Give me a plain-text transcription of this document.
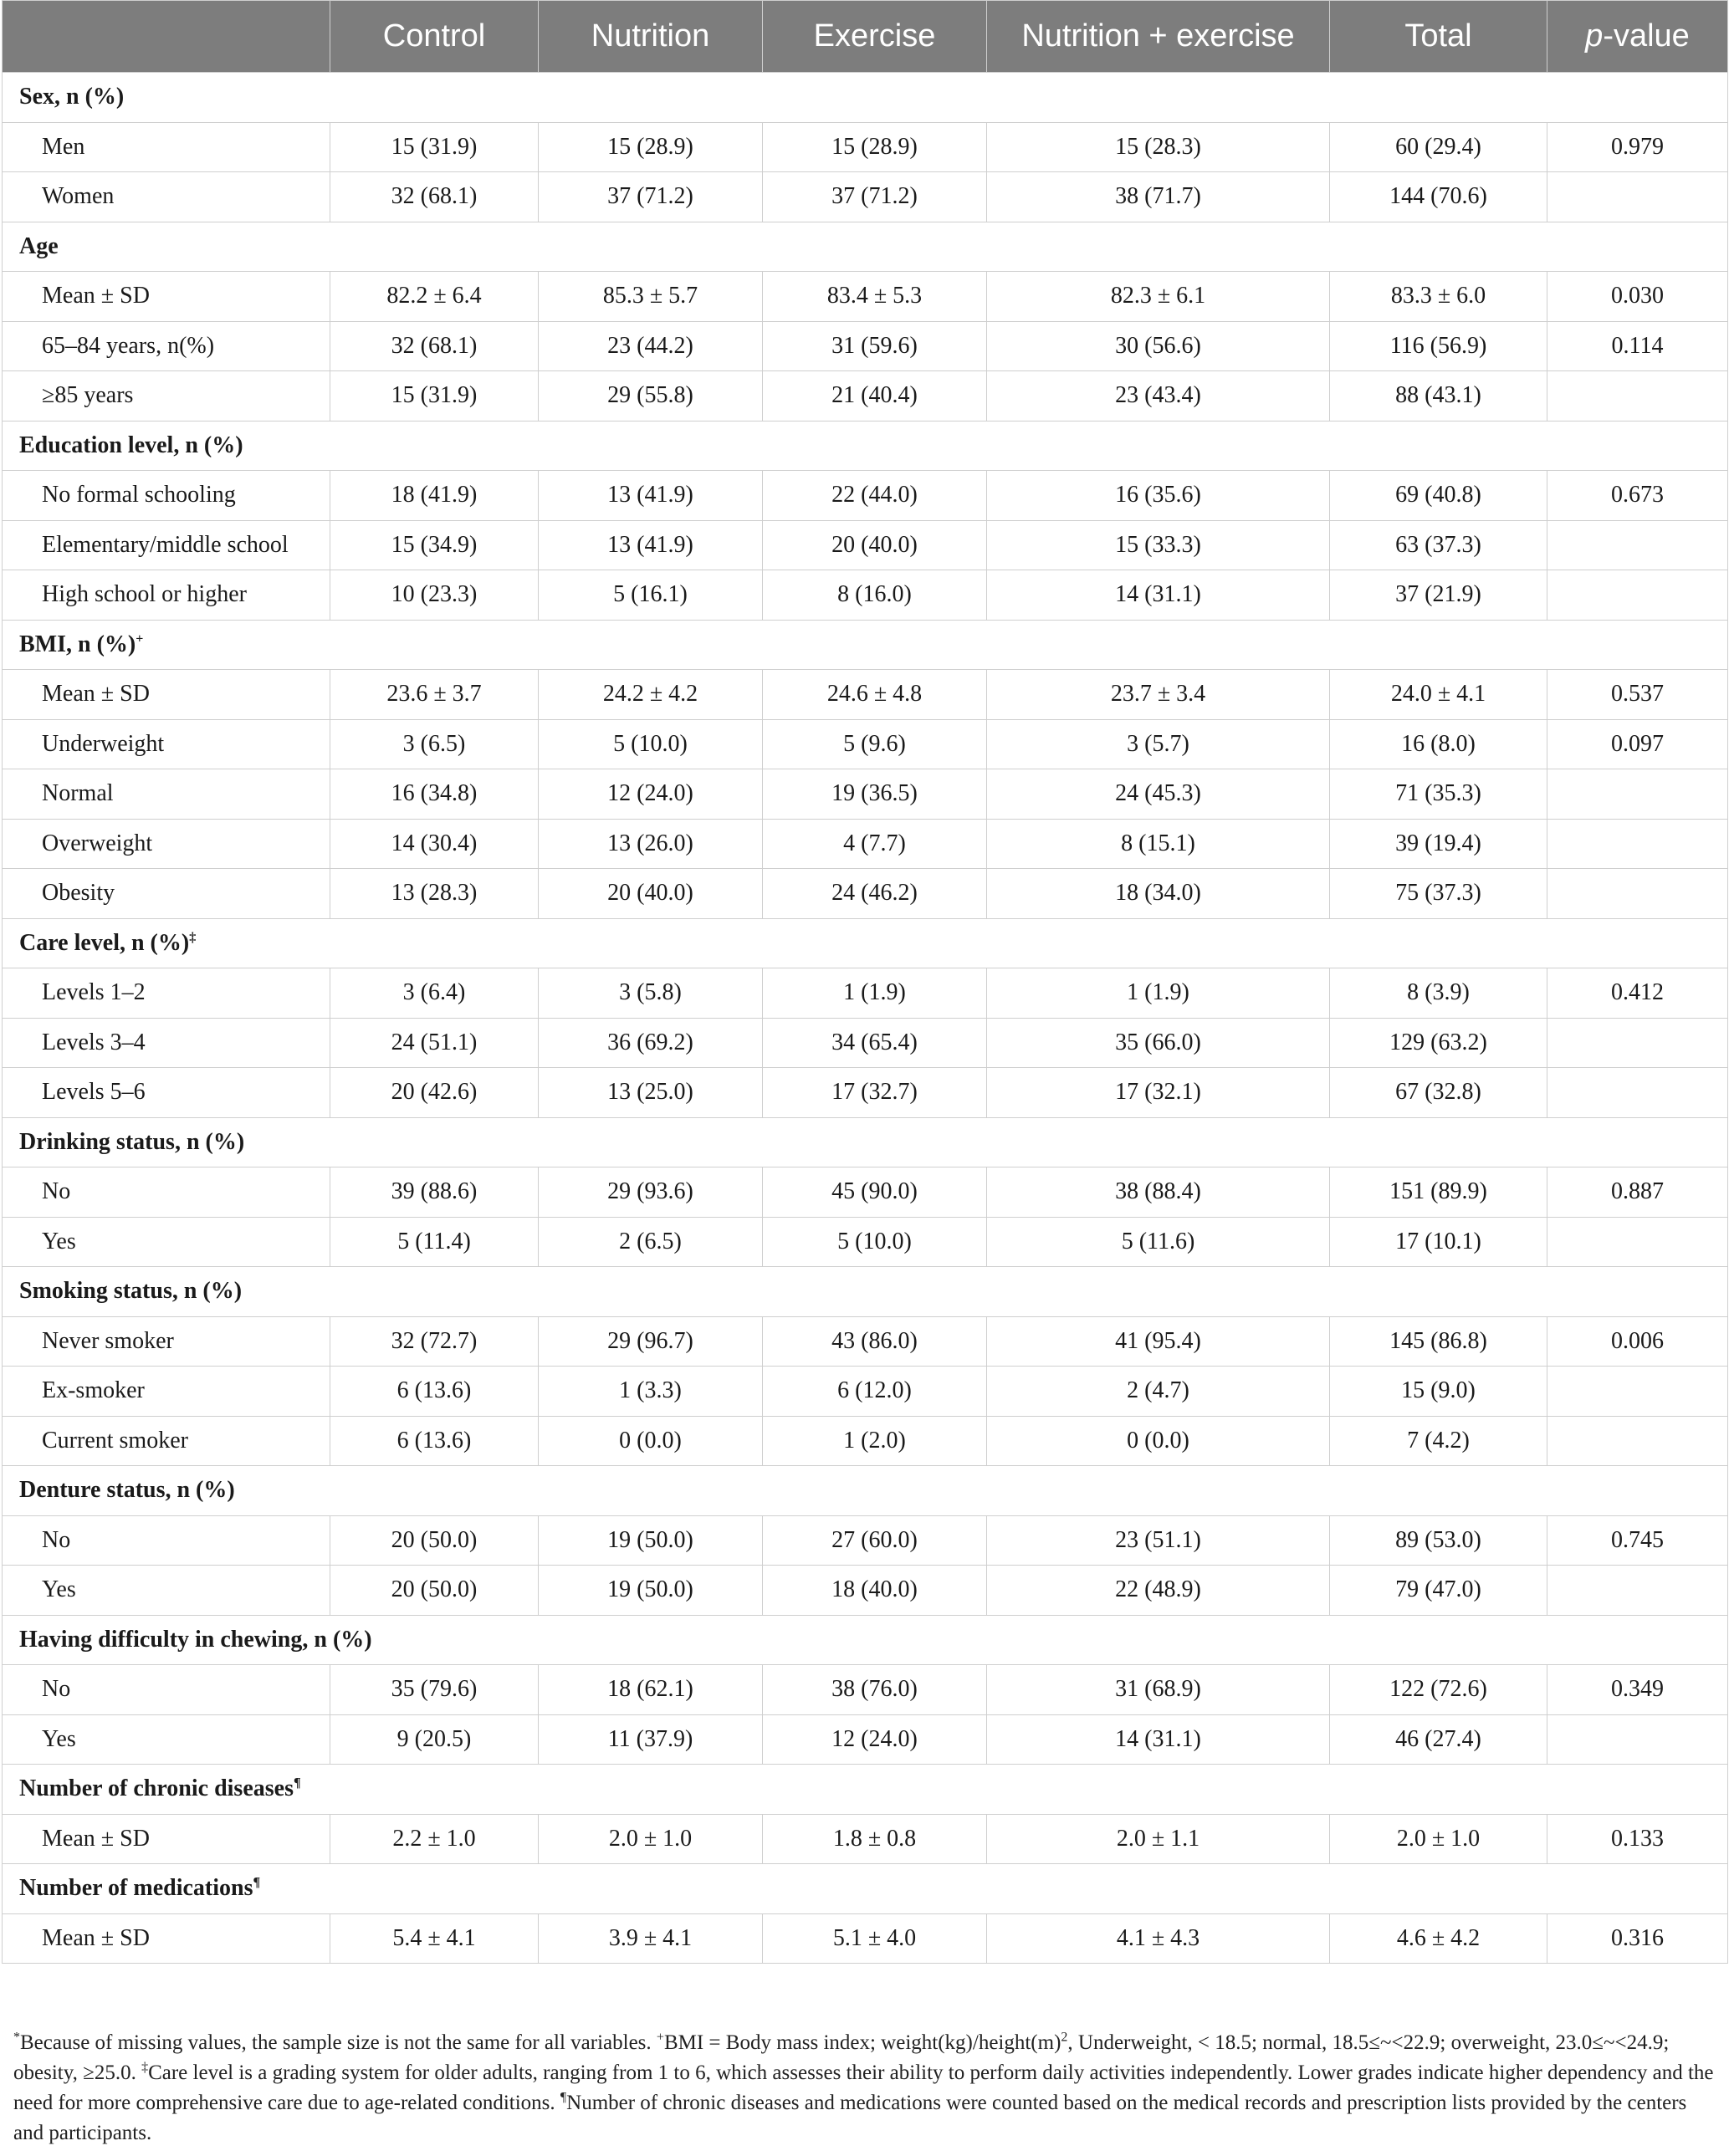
	Control	Nutrition	Exercise	Nutrition + exercise	Total	p-value
Sex, n (%)						
Men	15 (31.9)	15 (28.9)	15 (28.9)	15 (28.3)	60 (29.4)	0.979
Women	32 (68.1)	37 (71.2)	37 (71.2)	38 (71.7)	144 (70.6)	
Age						
Mean ± SD	82.2 ± 6.4	85.3 ± 5.7	83.4 ± 5.3	82.3 ± 6.1	83.3 ± 6.0	0.030
65–84 years, n(%)	32 (68.1)	23 (44.2)	31 (59.6)	30 (56.6)	116 (56.9)	0.114
≥85 years	15 (31.9)	29 (55.8)	21 (40.4)	23 (43.4)	88 (43.1)	
Education level, n (%)						
No formal schooling	18 (41.9)	13 (41.9)	22 (44.0)	16 (35.6)	69 (40.8)	0.673
Elementary/middle school	15 (34.9)	13 (41.9)	20 (40.0)	15 (33.3)	63 (37.3)	
High school or higher	10 (23.3)	5 (16.1)	8 (16.0)	14 (31.1)	37 (21.9)	
BMI, n (%)+
Mean ± SD	23.6 ± 3.7	24.2 ± 4.2	24.6 ± 4.8	23.7 ± 3.4	24.0 ± 4.1	0.537
Underweight	3 (6.5)	5 (10.0)	5 (9.6)	3 (5.7)	16 (8.0)	0.097
Normal	16 (34.8)	12 (24.0)	19 (36.5)	24 (45.3)	71 (35.3)	
Overweight	14 (30.4)	13 (26.0)	4 (7.7)	8 (15.1)	39 (19.4)	
Obesity	13 (28.3)	20 (40.0)	24 (46.2)	18 (34.0)	75 (37.3)	
Care level, n (%)‡
Levels 1–2	3 (6.4)	3 (5.8)	1 (1.9)	1 (1.9)	8 (3.9)	0.412
Levels 3–4	24 (51.1)	36 (69.2)	34 (65.4)	35 (66.0)	129 (63.2)	
Levels 5–6	20 (42.6)	13 (25.0)	17 (32.7)	17 (32.1)	67 (32.8)	
Drinking status, n (%)						
No	39 (88.6)	29 (93.6)	45 (90.0)	38 (88.4)	151 (89.9)	0.887
Yes	5 (11.4)	2 (6.5)	5 (10.0)	5 (11.6)	17 (10.1)	
Smoking status, n (%)						
Never smoker	32 (72.7)	29 (96.7)	43 (86.0)	41 (95.4)	145 (86.8)	0.006
Ex-smoker	6 (13.6)	1 (3.3)	6 (12.0)	2 (4.7)	15 (9.0)	
Current smoker	6 (13.6)	0 (0.0)	1 (2.0)	0 (0.0)	7 (4.2)	
Denture status, n (%)						
No	20 (50.0)	19 (50.0)	27 (60.0)	23 (51.1)	89 (53.0)	0.745
Yes	20 (50.0)	19 (50.0)	18 (40.0)	22 (48.9)	79 (47.0)	
Having difficulty in chewing, n (%)						
No	35 (79.6)	18 (62.1)	38 (76.0)	31 (68.9)	122 (72.6)	0.349
Yes	9 (20.5)	11 (37.9)	12 (24.0)	14 (31.1)	46 (27.4)	
Number of chronic diseases¶
Mean ± SD	2.2 ± 1.0	2.0 ± 1.0	1.8 ± 0.8	2.0 ± 1.1	2.0 ± 1.0	0.133
Number of medications¶
Mean ± SD	5.4 ± 4.1	3.9 ± 4.1	5.1 ± 4.0	4.1 ± 4.3	4.6 ± 4.2	0.316
*Because of missing values, the sample size is not the same for all variables. +BMI = Body mass index; $weight(kg)/height(m)^2$, Underweight, < 18.5; normal, 18.5≤~<22.9; overweight, 23.0≤~<24.9; obesity, ≥25.0. ‡Care level is a grading system for older adults, ranging from 1 to 6, which assesses their ability to perform daily activities independently. Lower grades indicate higher dependency and the need for more comprehensive care due to age-related conditions. ¶Number of chronic diseases and medications were counted based on the medical records and prescription lists provided by the centers and participants.
